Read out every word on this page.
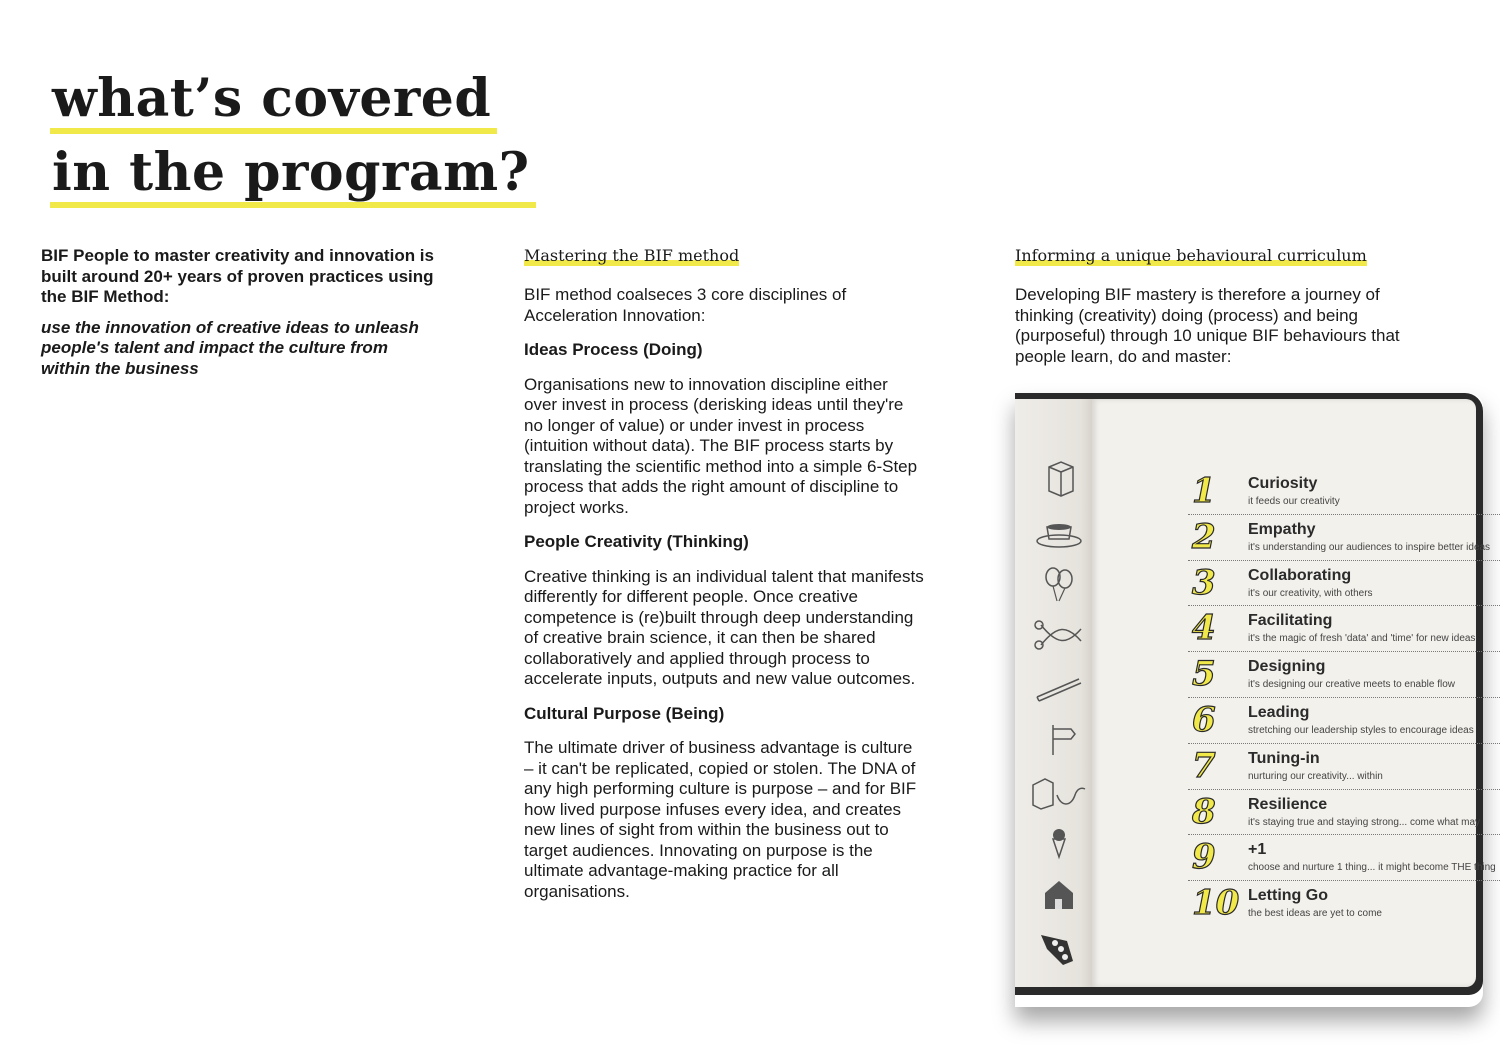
what’s covered
in the program?

BIF People to master creativity and innovation is built around 20+ years of proven practices using the BIF Method:

use the innovation of creative ideas to unleash people's talent and impact the culture from within the business

Mastering the BIF method

BIF method coalseces 3 core disciplines of Acceleration Innovation:

Ideas Process (Doing)

Organisations new to innovation discipline either over invest in process (derisking ideas until they're no longer of value) or under invest in process (intuition without data). The BIF process starts by translating the scientific method into a simple 6-Step process that adds the right amount of discipline to project works.

People Creativity (Thinking)

Creative thinking is an individual talent that manifests differently for different people. Once creative competence is (re)built through deep understanding of creative brain science, it can then be shared collaboratively and applied through process to accelerate inputs, outputs and new value outcomes.

Cultural Purpose (Being)

The ultimate driver of business advantage is culture – it can't be replicated, copied or stolen. The DNA of any high performing culture is purpose – and for BIF how lived purpose infuses every idea, and creates new lines of sight from within the business out to target audiences. Innovating on purpose is the ultimate advantage-making practice for all organisations.

Informing a unique behavioural curriculum

Developing BIF mastery is therefore a journey of thinking (creativity) doing (process) and being (purposeful) through 10 unique BIF behaviours that people learn, do and master:

1	Curiosity
it feeds our creativity
2	Empathy
it's understanding our audiences to inspire better ideas
3	Collaborating
it's our creativity, with others
4	Facilitating
it's the magic of fresh 'data' and 'time' for new ideas
5	Designing
it's designing our creative meets to enable flow
6	Leading
stretching our leadership styles to encourage ideas
7	Tuning-in
nurturing our creativity... within
8	Resilience
it's staying true and staying strong... come what may
9	+1
choose and nurture 1 thing... it might become THE thing
10 Letting Go
the best ideas are yet to come
